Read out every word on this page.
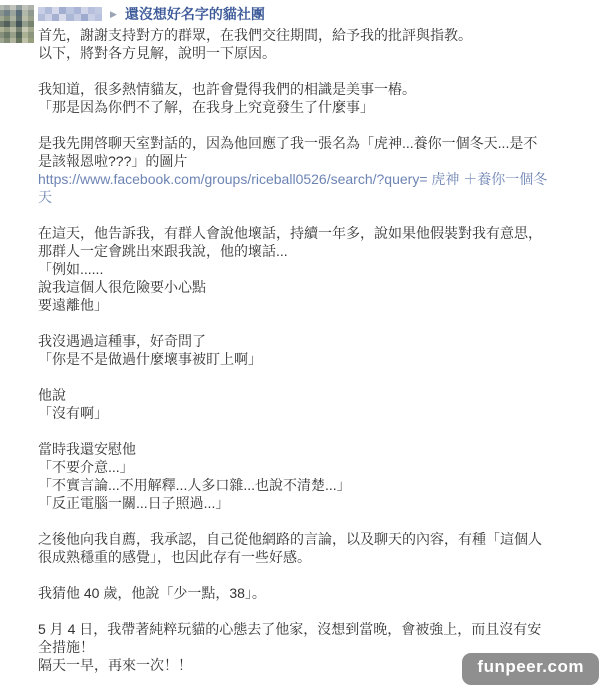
▶ 還沒想好名字的貓社團
首先，謝謝支持對方的群眾，在我們交往期間，給予我的批評與指教。
以下，將對各方見解，說明一下原因。
我知道，很多熱情貓友，也許會覺得我們的相識是美事一樁。
「那是因為你們不了解，在我身上究竟發生了什麼事」
是我先開啓聊天室對話的，因為他回應了我一張名為「虎神...養你一個冬天...是不
是該報恩啦???」的圖片
https://www.facebook.com/groups/riceball0526/search/?query= 虎神 ＋養你一個冬
天
在這天，他告訴我，有群人會說他壞話，持續一年多，說如果他假裝對我有意思，
那群人一定會跳出來跟我說，他的壞話...
「例如......
說我這個人很危險要小心點
要遠離他」
我沒遇過這種事，好奇問了
「你是不是做過什麼壞事被盯上啊」
他說
「沒有啊」
當時我還安慰他
「不要介意...」
「不實言論...不用解釋...人多口雜...也說不清楚...」
「反正電腦一關...日子照過...」
之後他向我自薦，我承認，自己從他網路的言論，以及聊天的內容，有種「這個人
很成熟穩重的感覺」，也因此存有一些好感。
我猜他 40 歲，他說「少一點，38」。
5 月 4 日，我帶著純粹玩貓的心態去了他家，沒想到當晚，會被強上，而且沒有安
全措施！
隔天一早，再來一次！！	funpeer.com
